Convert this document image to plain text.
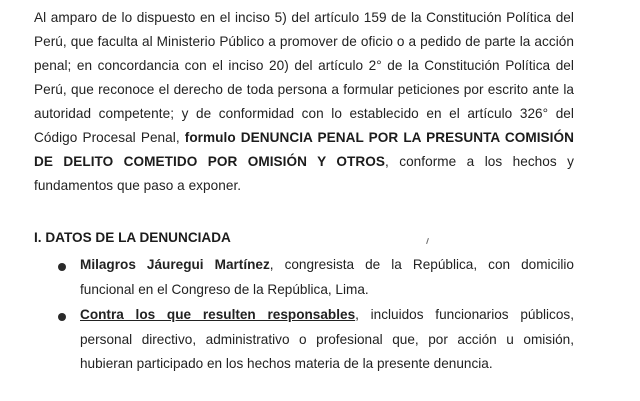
Al amparo de lo dispuesto en el inciso 5) del artículo 159 de la Constitución Política del Perú, que faculta al Ministerio Público a promover de oficio o a pedido de parte la acción penal; en concordancia con el inciso 20) del artículo 2° de la Constitución Política del Perú, que reconoce el derecho de toda persona a formular peticiones por escrito ante la autoridad competente; y de conformidad con lo establecido en el artículo 326° del Código Procesal Penal, formulo DENUNCIA PENAL POR LA PRESUNTA COMISIÓN DE DELITO COMETIDO POR OMISIÓN Y OTROS, conforme a los hechos y fundamentos que paso a exponer.

I. DATOS DE LA DENUNCIADA

Milagros Jáuregui Martínez, congresista de la República, con domicilio funcional en el Congreso de la República, Lima.

Contra los que resulten responsables, incluidos funcionarios públicos, personal directivo, administrativo o profesional que, por acción u omisión, hubieran participado en los hechos materia de la presente denuncia.
